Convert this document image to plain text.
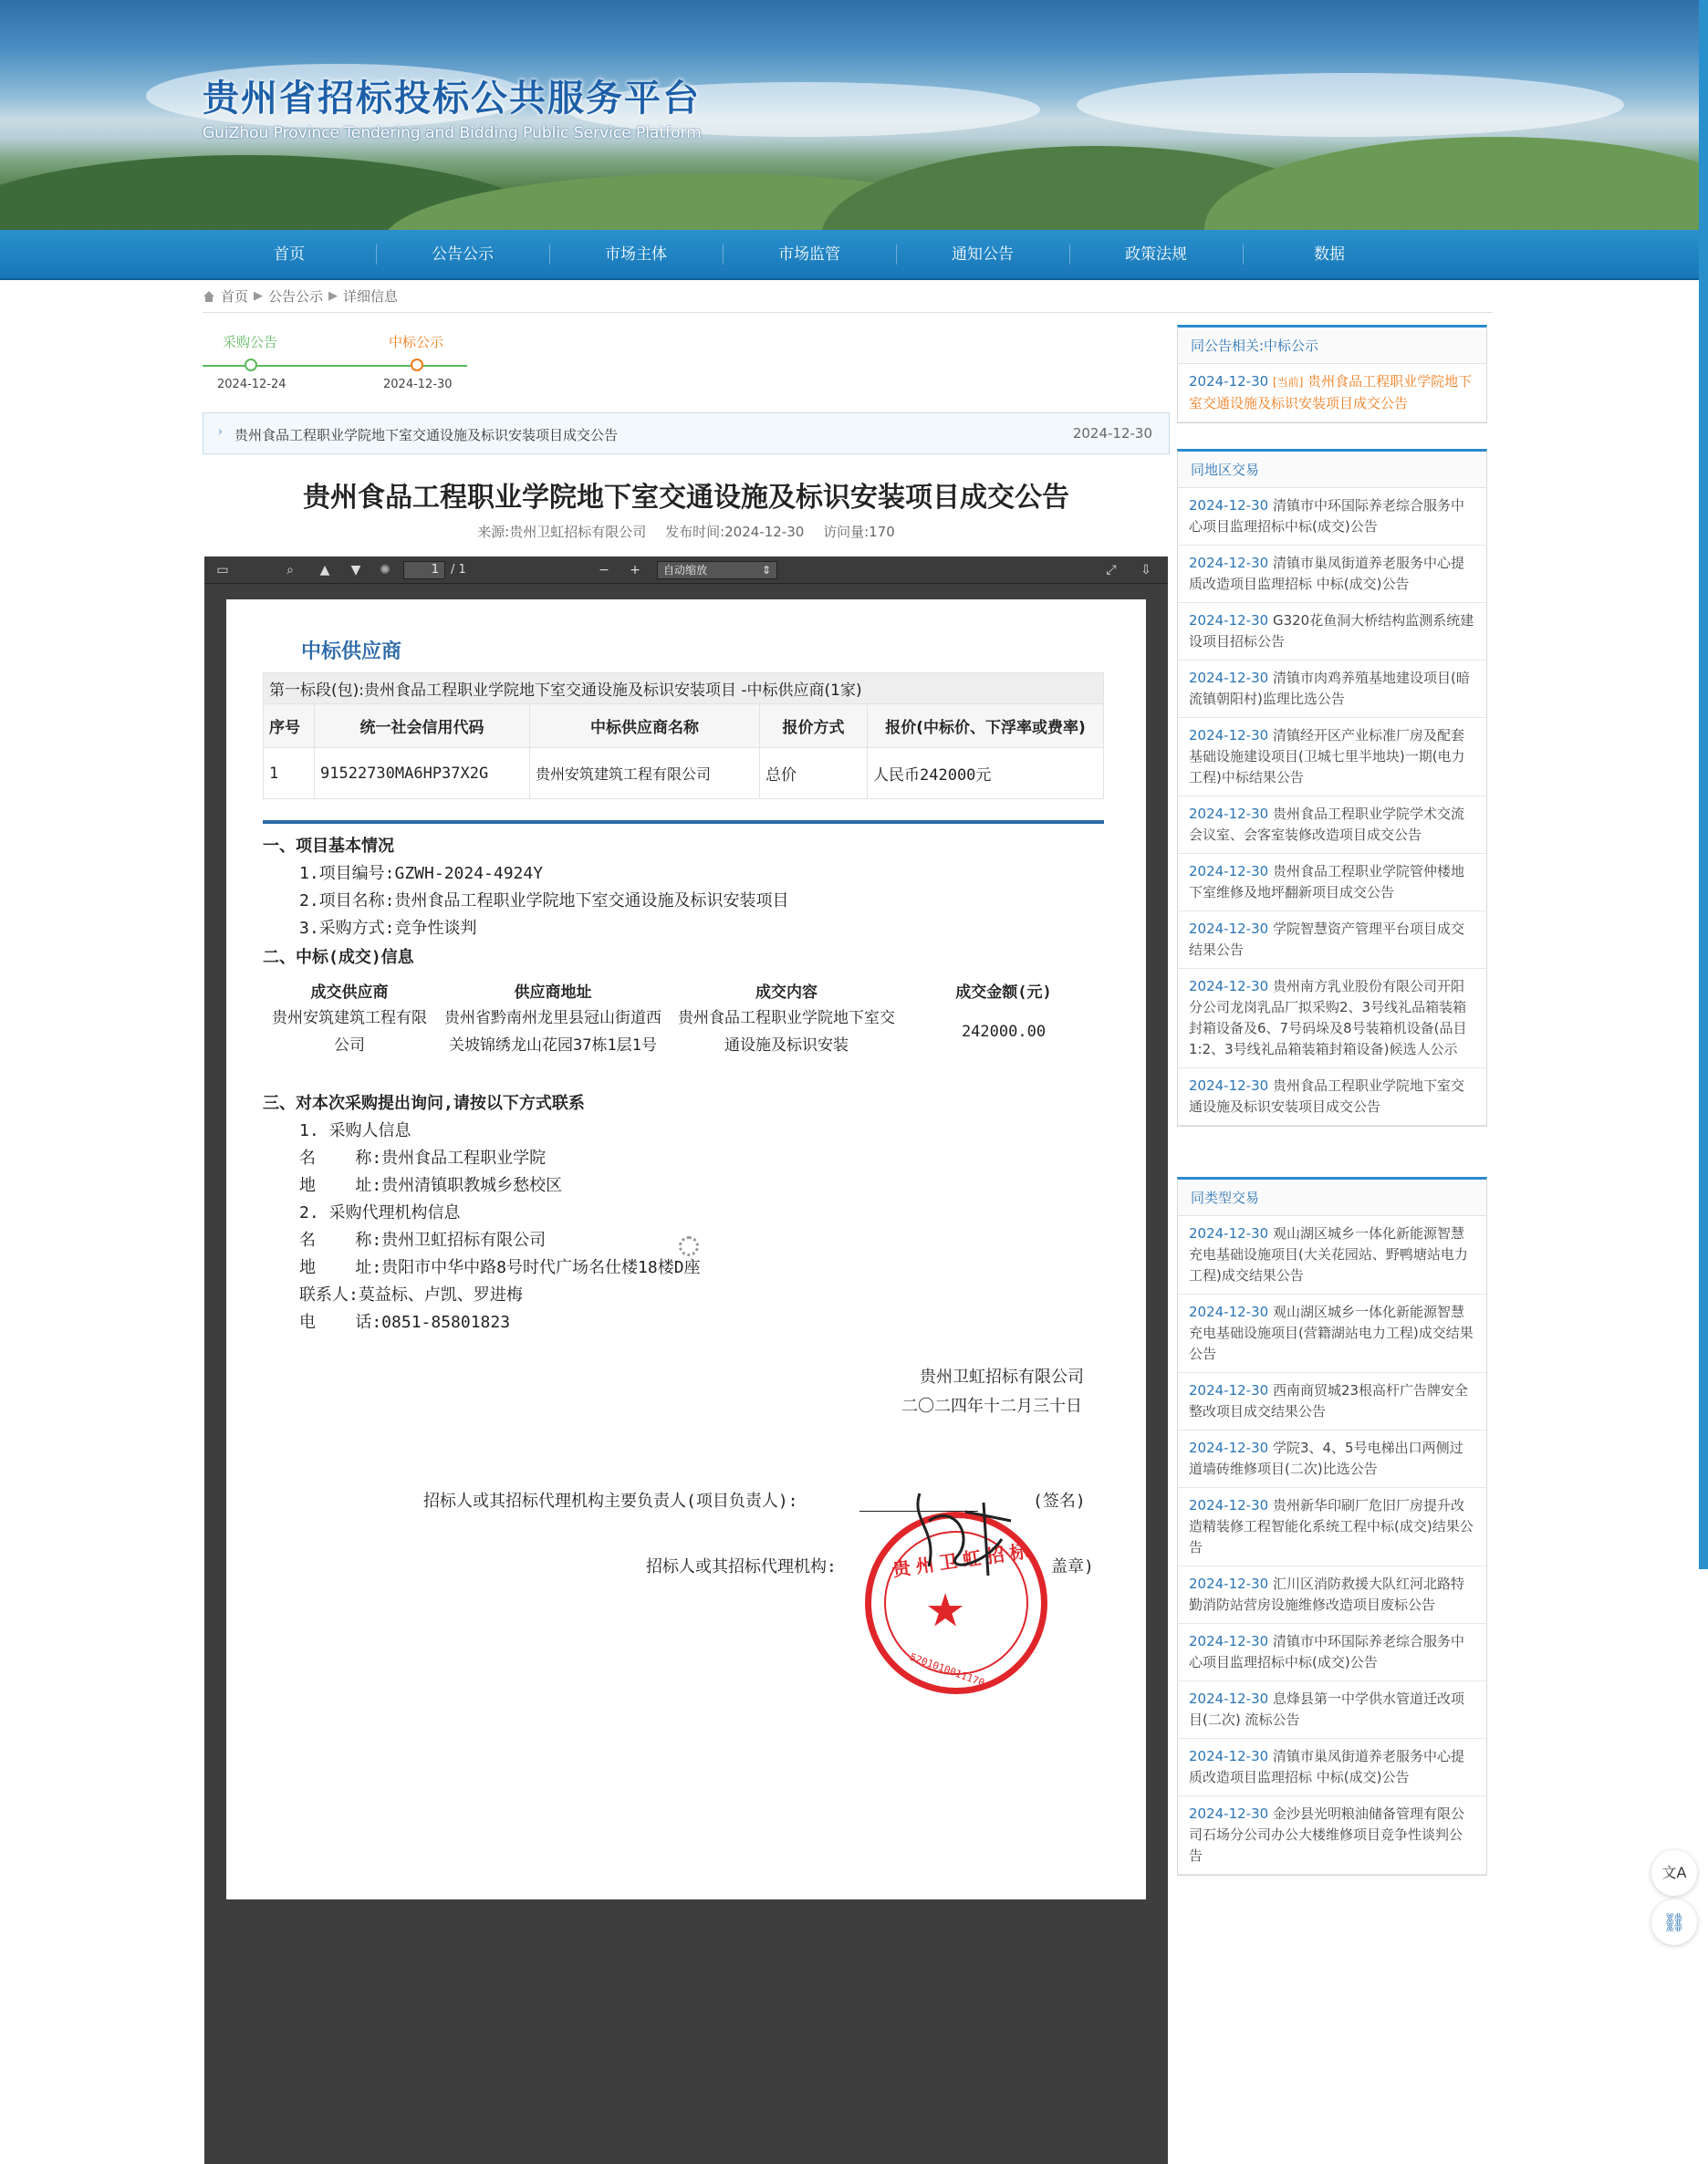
贵州省招标投标公共服务平台
GuiZhou Province Tendering and Bidding Public Service Platform
首页	公告公示	市场主体	市场监管	通知公告	政策法规	数据
首页 ▶ 公告公示 ▶ 详细信息
采购公告
2024-12-24
中标公示
2024-12-30
› 贵州食品工程职业学院地下室交通设施及标识安装项目成交公告	2024-12-30
贵州食品工程职业学院地下室交通设施及标识安装项目成交公告
来源:贵州卫虹招标有限公司 发布时间:2024-12-30 访问量:170
▭	⌕ ▲ ▼ ✺	1	/ 1	− +	自动缩放	⇕	⤢ ⇩
中标供应商
第一标段(包):贵州食品工程职业学院地下室交通设施及标识安装项目 -中标供应商(1家)				
序号	统一社会信用代码	中标供应商名称	报价方式	报价(中标价、下浮率或费率)
1	91522730MA6HP37X2G	贵州安筑建筑工程有限公司	总价	人民币242000元
一、项目基本情况
1.项目编号:GZWH-2024-4924Y
2.项目名称:贵州食品工程职业学院地下室交通设施及标识安装项目
3.采购方式:竞争性谈判
二、中标(成交)信息
成交供应商	供应商地址	成交内容	成交金额(元)
贵州安筑建筑工程有限公司	贵州省黔南州龙里县冠山街道西关坡锦绣龙山花园37栋1层1号	贵州食品工程职业学院地下室交通设施及标识安装	242000.00
三、对本次采购提出询问,请按以下方式联系
1. 采购人信息
名    称:贵州食品工程职业学院
地    址:贵州清镇职教城乡愁校区
2. 采购代理机构信息
名    称:贵州卫虹招标有限公司
地    址:贵阳市中华中路8号时代广场名仕楼18楼D座
联系人:莫益标、卢凯、罗进梅
电    话:0851-85801823
贵州卫虹招标有限公司
二〇二四年十二月三十日
招标人或其招标代理机构主要负责人(项目负责人):	(签名)
招标人或其招标代理机构:	盖章)
贵州卫虹招标
★
5201010011170
同公告相关:中标公示
2024-12-30 [当前] 贵州食品工程职业学院地下室交通设施及标识安装项目成交公告
同地区交易
2024-12-30 清镇市中环国际养老综合服务中心项目监理招标中标(成交)公告
2024-12-30 清镇市巢凤街道养老服务中心提质改造项目监理招标 中标(成交)公告
2024-12-30 G320花鱼洞大桥结构监测系统建设项目招标公告
2024-12-30 清镇市肉鸡养殖基地建设项目(暗流镇朝阳村)监理比选公告
2024-12-30 清镇经开区产业标准厂房及配套基础设施建设项目(卫城七里半地块)一期(电力工程)中标结果公告
2024-12-30 贵州食品工程职业学院学术交流会议室、会客室装修改造项目成交公告
2024-12-30 贵州食品工程职业学院管仲楼地下室维修及地坪翻新项目成交公告
2024-12-30 学院智慧资产管理平台项目成交结果公告
2024-12-30 贵州南方乳业股份有限公司开阳分公司龙岗乳品厂拟采购2、3号线礼品箱装箱封箱设备及6、7号码垛及8号装箱机设备(品目1:2、3号线礼品箱装箱封箱设备)候选人公示
2024-12-30 贵州食品工程职业学院地下室交通设施及标识安装项目成交公告
同类型交易
2024-12-30 观山湖区城乡一体化新能源智慧充电基础设施项目(大关花园站、野鸭塘站电力工程)成交结果公告
2024-12-30 观山湖区城乡一体化新能源智慧充电基础设施项目(营籍湖站电力工程)成交结果公告
2024-12-30 西南商贸城23根高杆广告牌安全整改项目成交结果公告
2024-12-30 学院3、4、5号电梯出口两侧过道墙砖维修项目(二次)比选公告
2024-12-30 贵州新华印刷厂危旧厂房提升改造精装修工程智能化系统工程中标(成交)结果公告
2024-12-30 汇川区消防救援大队红河北路特勤消防站营房设施维修改造项目废标公告
2024-12-30 清镇市中环国际养老综合服务中心项目监理招标中标(成交)公告
2024-12-30 息烽县第一中学供水管道迁改项目(二次) 流标公告
2024-12-30 清镇市巢凤街道养老服务中心提质改造项目监理招标 中标(成交)公告
2024-12-30 金沙县光明粮油储备管理有限公司石场分公司办公大楼维修项目竞争性谈判公告
文A
⛓
